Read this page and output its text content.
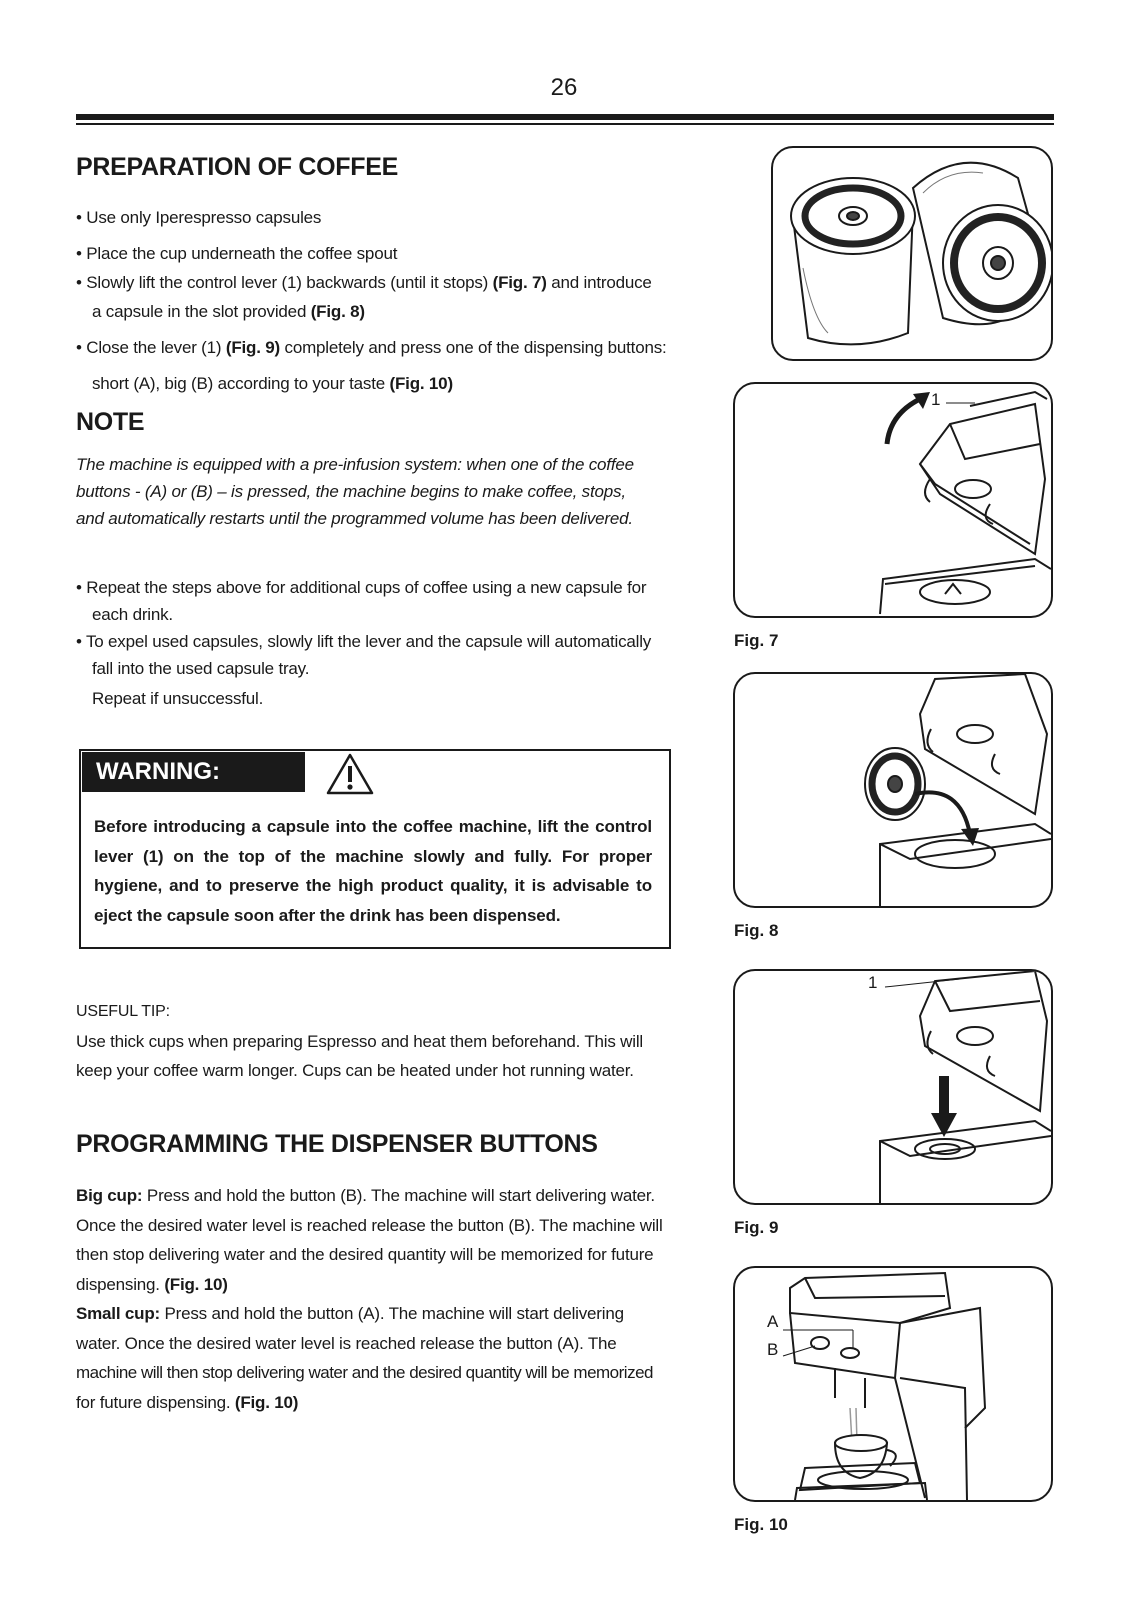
26
PREPARATION OF COFFEE
• Use only Iperespresso capsules
• Place the cup underneath the coffee spout
• Slowly lift the control lever (1) backwards (until it stops) (Fig. 7) and introduce
a capsule in the slot provided (Fig. 8)
• Close the lever (1) (Fig. 9) completely and press one of the dispensing buttons:
short (A), big (B) according to your taste (Fig. 10)
NOTE
The machine is equipped with a pre-infusion system: when one of the coffee
buttons - (A) or (B) – is pressed, the machine begins to make coffee, stops,
and automatically restarts until the programmed volume has been delivered.
• Repeat the steps above for additional cups of coffee using a new capsule for
each drink.
• To expel used capsules, slowly lift the lever and the capsule will automatically
fall into the used capsule tray.
Repeat if unsuccessful.
WARNING:
Before introducing a capsule into the coffee machine, lift the control lever (1) on the top of the machine slowly and fully. For proper hygiene, and to preserve the high product quality, it is advisable to eject the capsule soon after the drink has been dispensed.
USEFUL TIP:
Use thick cups when preparing Espresso and heat them beforehand. This will
keep your coffee warm longer. Cups can be heated under hot running water.
PROGRAMMING THE DISPENSER BUTTONS
Big cup: Press and hold the button (B). The machine will start delivering water.
Once the desired water level is reached release the button (B). The machine will
then stop delivering water and the desired quantity will be memorized for future
dispensing. (Fig. 10)
Small cup: Press and hold the button (A). The machine will start delivering
water. Once the desired water level is reached release the button (A). The
machine will then stop delivering water and the desired quantity will be memorized
for future dispensing. (Fig. 10)
1
Fig. 7
Fig. 8
1
Fig. 9
A
B
Fig. 10
